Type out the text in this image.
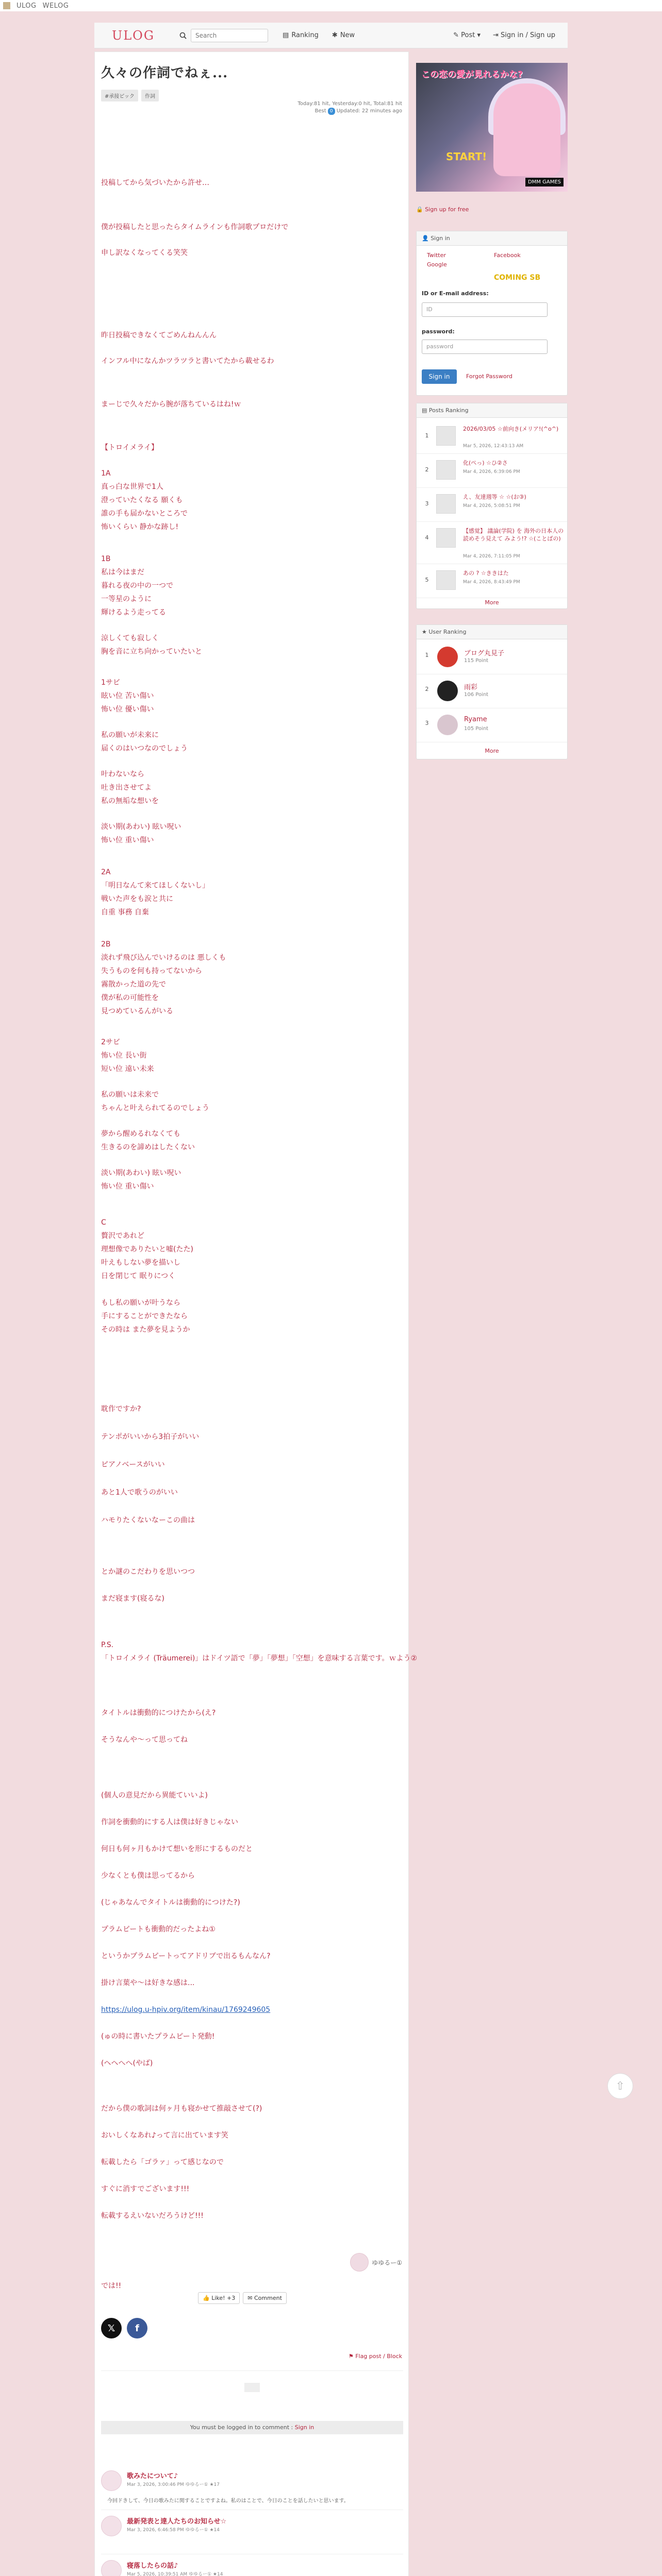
ULOG WELOG
ULOG
Search	▤ Ranking ✱ New	✎ Post ▾ ⇥ Sign in / Sign up
久々の作詞でねぇ...
#承接ピック	作詞
Today:81 hit, Yesterday:0 hit, Total:81 hit
Best 0 Updated: 22 minutes ago

投稿してから気づいたから許せ…

僕が投稿したと思ったらタイムラインも作詞歌プロだけで

申し訳なくなってくる笑笑

昨日投稿できなくてごめんねんんん

インフル中になんかツラツラと書いてたから載せるわ

まーじで久々だから腕が落ちているはね!ｗ

【トロイメライ】

1A

真っ白な世界で1人

澄っていたくなる 願くも

誰の手も届かないところで

怖いくらい 静かな跡し!

1B

私は今はまだ

暮れる夜の中の一つで

一等星のように

輝けるよう走ってる

涼しくても寂しく

胸を音に立ち向かっていたいと

1サビ

眩い位 苦い傷い

怖い位 優い傷い

私の願いが未来に

届くのはいつなのでしょう

叶わないなら

吐き出させてよ

私の無垢な想いを

淡い期(あわい) 眩い呪い

怖い位 重い傷い

2A

「明日なんて来てほしくないし」

戦いた声をも涙と共に

自重 事務 自棄

2B

淡れず飛び込んでいけるのは 悪しくも

失うものを何も持ってないから

霧散かった道の先で

僕が私の可能性を

見つめているんがいる

2サビ

怖い位 長い街

短い位 遠い未来

私の願いは未来で

ちゃんと叶えられてるのでしょう

夢から醒めるれなくても

生きるのを諦めはしたくない

淡い期(あわい) 眩い呪い

怖い位 重い傷い

C

贅沢であれど

理想像でありたいと嘘(たた)

叶えもしない夢を描いし

日を閉じて 眠りにつく

もし私の願いが叶うなら

手にすることができたなら

その時は また夢を見ようか

耽作ですか?

テンポがいいから3拍子がいい

ピアノベースがいい

あと1人で歌うのがいい

ハモりたくないなーこの曲は

とか謎のこだわりを思いつつ

まだ寝ます(寝るな)

P.S.

「トロイメライ (Träumerei)」はドイツ語で「夢」「夢想」「空想」を意味する言葉です。ｗよう②

タイトルは衝動的につけたから(え?

そうなんや～って思ってね

(個人の意見だから異能ていいよ)

作詞を衝動的にする人は僕は好きじゃない

何日も何ヶ月もかけて想いを形にするものだと

少なくとも僕は思ってるから

(じゃあなんでタイトルは衝動的につけた?)

プラムピートも衝動的だったよね①

というかプラムピートってアドリブで出るもんなん?

掛け言葉や～は好きな感は...

https://ulog.u-hpiv.org/item/kinau/1769249605

(ゅの時に書いたプラムピート発動!

(ヘヘへへ(やば)

だから僕の歌詞は何ヶ月も寝かせて推敲させて(?)

おいしくなあれ♪って言に出ています笑

転載したら「ゴラァ」って感じなので

すぐに消すでございます!!!

転載するえいないだろうけど!!!

では!!

ゆゆるー①
👍 Like! +3	✉ Comment
𝕏	f
⚑ Flag post / Block
You must be logged in to comment : Sign in
歌みたについて♪
Mar 3, 2026, 3:00:46 PM ゆゆるー① ★17
今回ドきして、今日の歌みたに関することですよね。私のはことで、今日のことを話したいと思います。
最新発表と達人たちのお知らせ☆
Mar 3, 2026, 6:46:58 PM ゆゆるー① ★14
寝落したらの話♪
Mar 5, 2026, 10:39:51 AM ゆゆるー① ★14
この恋の愛が見れるかな?
START!
DMM GAMES
🔒 Sign up for free
👤 Sign in
Twitter	Facebook
Google
COMING SB
ID or E-mail address:
ID
password:
password
Sign in	Forgot Password
▤ Posts Ranking
1
2026/03/05 ☆前向き(メリア!(^o^)
Mar 5, 2026, 12:43:13 AM
2
化(ぺっ) ☆ひ②さ
Mar 4, 2026, 6:39:06 PM
3
え、友達週等 ☆ ☆(お③)
Mar 4, 2026, 5:08:51 PM
4
【感覚】 議論(学院) を 海外の日本人の読めそう見えて みよう!? ☆(ことばの)
Mar 4, 2026, 7:11:05 PM
5
あの ? ☆ききはた
Mar 4, 2026, 8:43:49 PM
More
★ User Ranking
1	ブログ丸見子
115 Point
2	雨彩
106 Point
3	Ryame
105 Point
More
⇧
